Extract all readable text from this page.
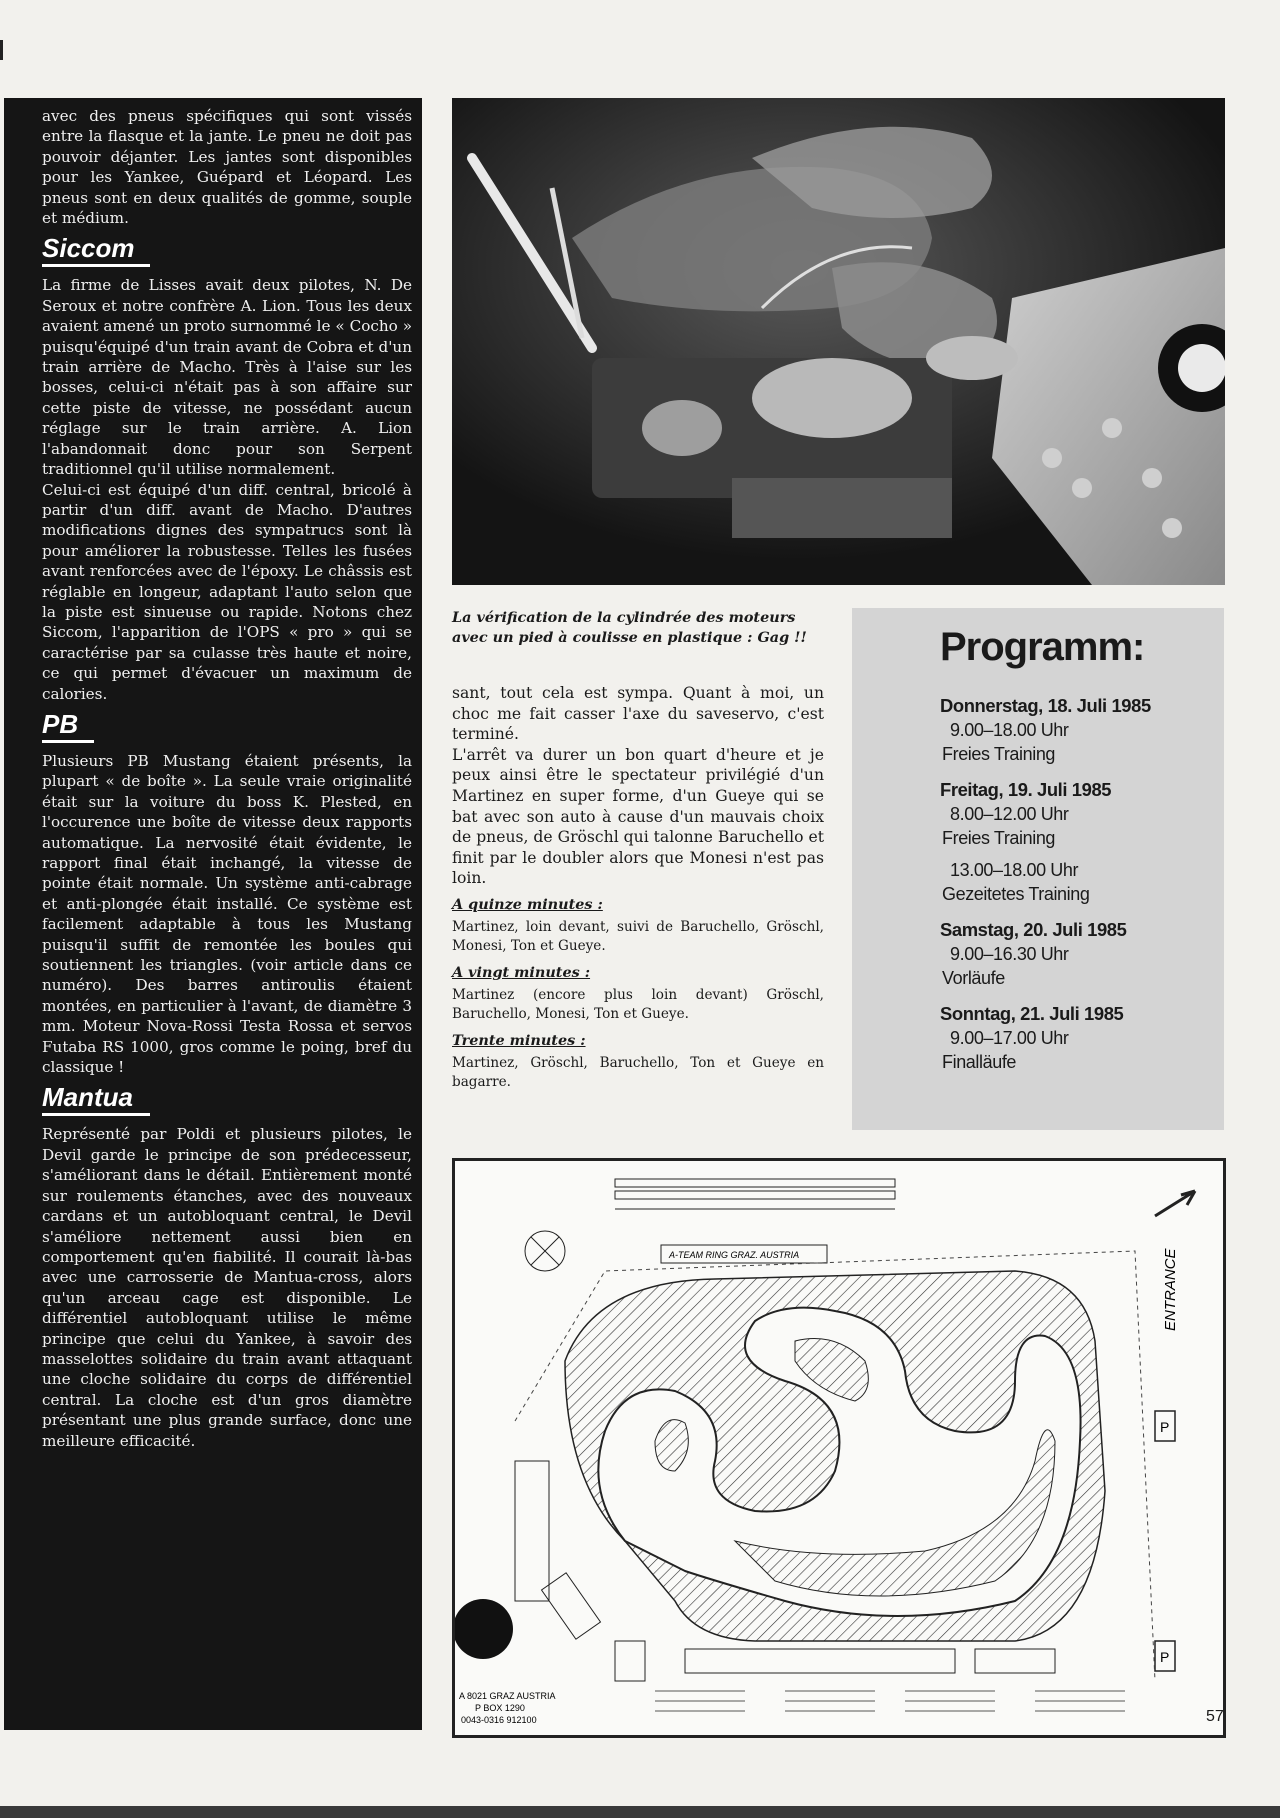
avec des pneus spécifiques qui sont vissés entre la flasque et la jante. Le pneu ne doit pas pouvoir déjanter. Les jantes sont disponibles pour les Yankee, Guépard et Léopard. Les pneus sont en deux qualités de gomme, souple et médium.

Siccom

La firme de Lisses avait deux pilotes, N. De Seroux et notre confrère A. Lion. Tous les deux avaient amené un proto surnommé le « Cocho » puisqu'équipé d'un train avant de Cobra et d'un train arrière de Macho. Très à l'aise sur les bosses, celui-ci n'était pas à son affaire sur cette piste de vitesse, ne possédant aucun réglage sur le train arrière. A. Lion l'abandonnait donc pour son Serpent traditionnel qu'il utilise normalement.

Celui-ci est équipé d'un diff. central, bricolé à partir d'un diff. avant de Macho. D'autres modifications dignes des sympatrucs sont là pour améliorer la robustesse. Telles les fusées avant renforcées avec de l'époxy. Le châssis est réglable en longeur, adaptant l'auto selon que la piste est sinueuse ou rapide. Notons chez Siccom, l'apparition de l'OPS « pro » qui se caractérise par sa culasse très haute et noire, ce qui permet d'évacuer un maximum de calories.

PB

Plusieurs PB Mustang étaient présents, la plupart « de boîte ». La seule vraie originalité était sur la voiture du boss K. Plested, en l'occurence une boîte de vitesse deux rapports automatique. La nervosité était évidente, le rapport final était inchangé, la vitesse de pointe était normale. Un système anti-cabrage et anti-plongée était installé. Ce système est facilement adaptable à tous les Mustang puisqu'il suffit de remontée les boules qui soutiennent les triangles. (voir article dans ce numéro). Des barres antiroulis étaient montées, en particulier à l'avant, de diamètre 3 mm. Moteur Nova-Rossi Testa Rossa et servos Futaba RS 1000, gros comme le poing, bref du classique !

Mantua

Représenté par Poldi et plusieurs pilotes, le Devil garde le principe de son prédecesseur, s'améliorant dans le détail. Entièrement monté sur roulements étanches, avec des nouveaux cardans et un autobloquant central, le Devil s'améliore nettement aussi bien en comportement qu'en fiabilité. Il courait là-bas avec une carrosserie de Mantua-cross, alors qu'un arceau cage est disponible. Le différentiel autobloquant utilise le même principe que celui du Yankee, à savoir des masselottes solidaire du train avant attaquant une cloche solidaire du corps de différentiel central. La cloche est d'un gros diamètre présentant une plus grande surface, donc une meilleure efficacité.

La vérification de la cylindrée des moteurs avec un pied à coulisse en plastique : Gag !!

sant, tout cela est sympa. Quant à moi, un choc me fait casser l'axe du saveservo, c'est terminé.

L'arrêt va durer un bon quart d'heure et je peux ainsi être le spectateur privilégié d'un Martinez en super forme, d'un Gueye qui se bat avec son auto à cause d'un mauvais choix de pneus, de Gröschl qui talonne Baruchello et finit par le doubler alors que Monesi n'est pas loin.

A quinze minutes :

Martinez, loin devant, suivi de Baruchello, Gröschl, Monesi, Ton et Gueye.

A vingt minutes :

Martinez (encore plus loin devant) Gröschl, Baruchello, Monesi, Ton et Gueye.

Trente minutes :

Martinez, Gröschl, Baruchello, Ton et Gueye en bagarre.

Programm:
Donnerstag, 18. Juli 1985
9.00–18.00 Uhr
Freies Training
Freitag, 19. Juli 1985
8.00–12.00 Uhr
Freies Training
13.00–18.00 Uhr
Gezeitetes Training
Samstag, 20. Juli 1985
9.00–16.30 Uhr
Vorläufe
Sonntag, 21. Juli 1985
9.00–17.00 Uhr
Finalläufe
A-TEAM RING GRAZ. AUSTRIA
A 8021 GRAZ AUSTRIA
P BOX 1290
0043-0316 912100
ENTRANCE
P
P
57
